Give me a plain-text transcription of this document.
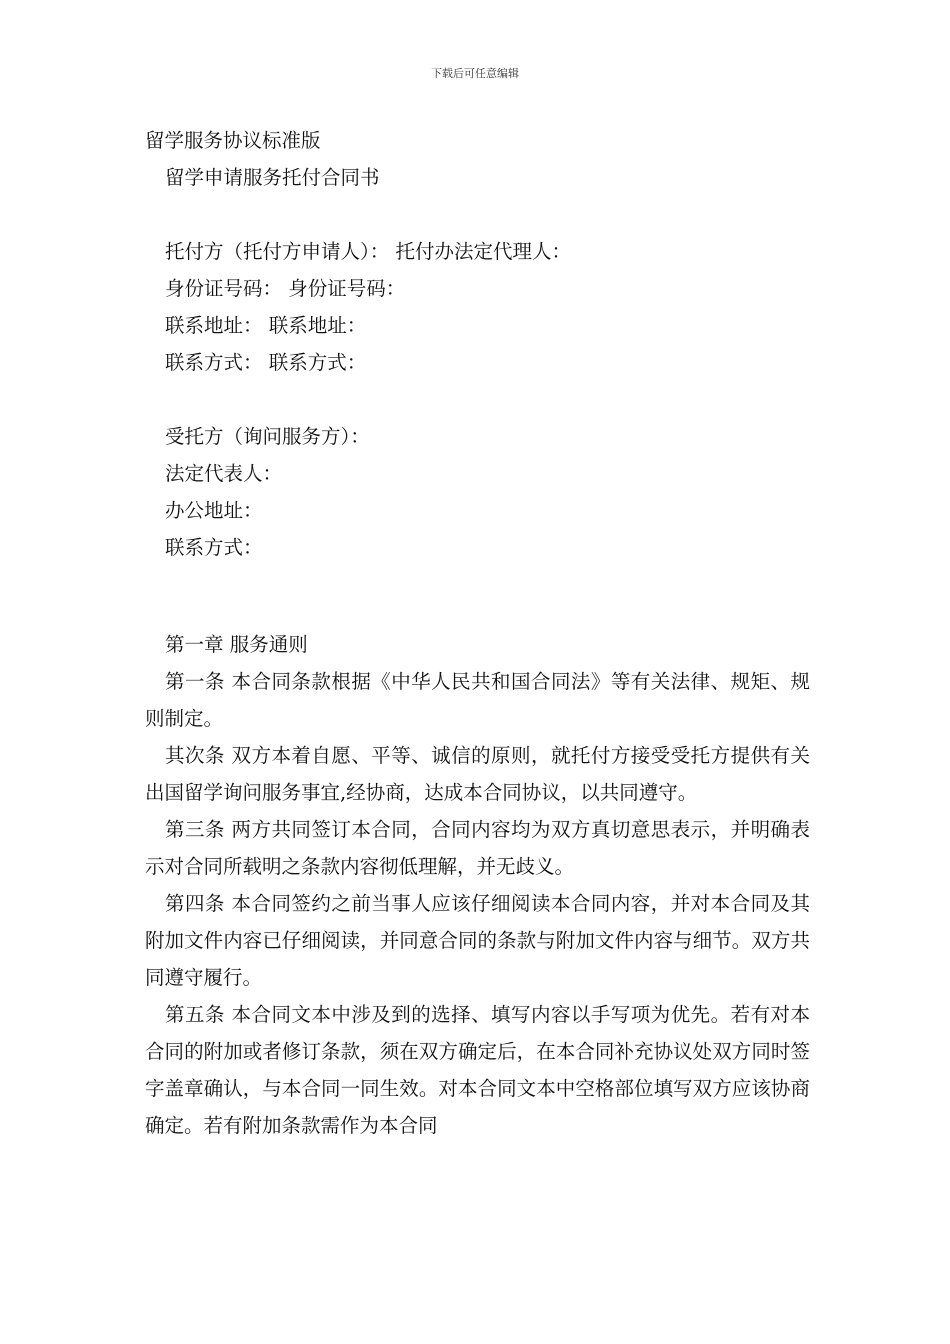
下载后可任意编辑

留学服务协议标准版

留学申请服务托付合同书

托付方（托付方申请人）： 托付办法定代理人：

身份证号码： 身份证号码：

联系地址： 联系地址：

联系方式： 联系方式：

受托方（询问服务方）：

法定代表人：

办公地址：

联系方式：

第一章 服务通则

第一条 本合同条款根据《中华人民共和国合同法》等有关法律、规矩、规则制定。

其次条 双方本着自愿、平等、诚信的原则，就托付方接受受托方提供有关出国留学询问服务事宜,经协商，达成本合同协议，以共同遵守。

第三条 两方共同签订本合同，合同内容均为双方真切意思表示，并明确表示对合同所载明之条款内容彻低理解，并无歧义。

第四条 本合同签约之前当事人应该仔细阅读本合同内容，并对本合同及其附加文件内容已仔细阅读，并同意合同的条款与附加文件内容与细节。双方共同遵守履行。

第五条 本合同文本中涉及到的选择、填写内容以手写项为优先。若有对本合同的附加或者修订条款，须在双方确定后，在本合同补充协议处双方同时签字盖章确认，与本合同一同生效。对本合同文本中空格部位填写双方应该协商确定。若有附加条款需作为本合同
